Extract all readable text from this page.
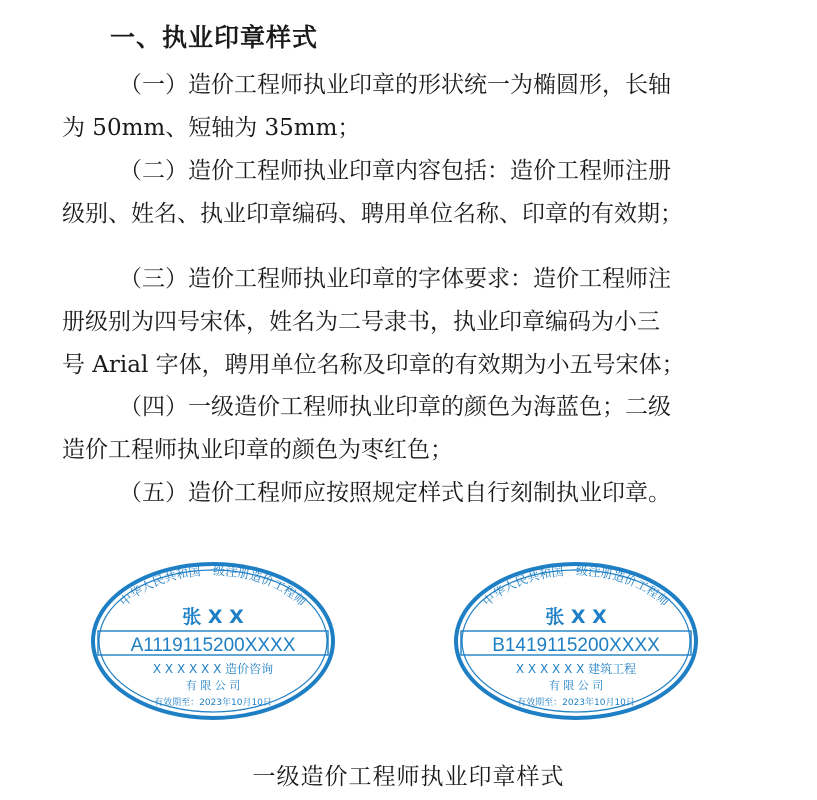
一、执业印章样式
（一）造价工程师执业印章的形状统一为椭圆形，长轴
为 50mm、短轴为 35mm；
（二）造价工程师执业印章内容包括：造价工程师注册
级别、姓名、执业印章编码、聘用单位名称、印章的有效期；
（三）造价工程师执业印章的字体要求：造价工程师注
册级别为四号宋体，姓名为二号隶书，执业印章编码为小三
号 Arial 字体，聘用单位名称及印章的有效期为小五号宋体；
（四）一级造价工程师执业印章的颜色为海蓝色；二级
造价工程师执业印章的颜色为枣红色；
（五）造价工程师应按照规定样式自行刻制执业印章。
中华人民共和国一级注册造价工程师
张 X X
A1119115200XXXX
X X X X X X 造价咨询
有 限 公 司
有效期至：2023年10月10日
中华人民共和国一级注册造价工程师
张 X X
B1419115200XXXX
X X X X X X 建筑工程
有 限 公 司
有效期至：2023年10月10日
一级造价工程师执业印章样式
